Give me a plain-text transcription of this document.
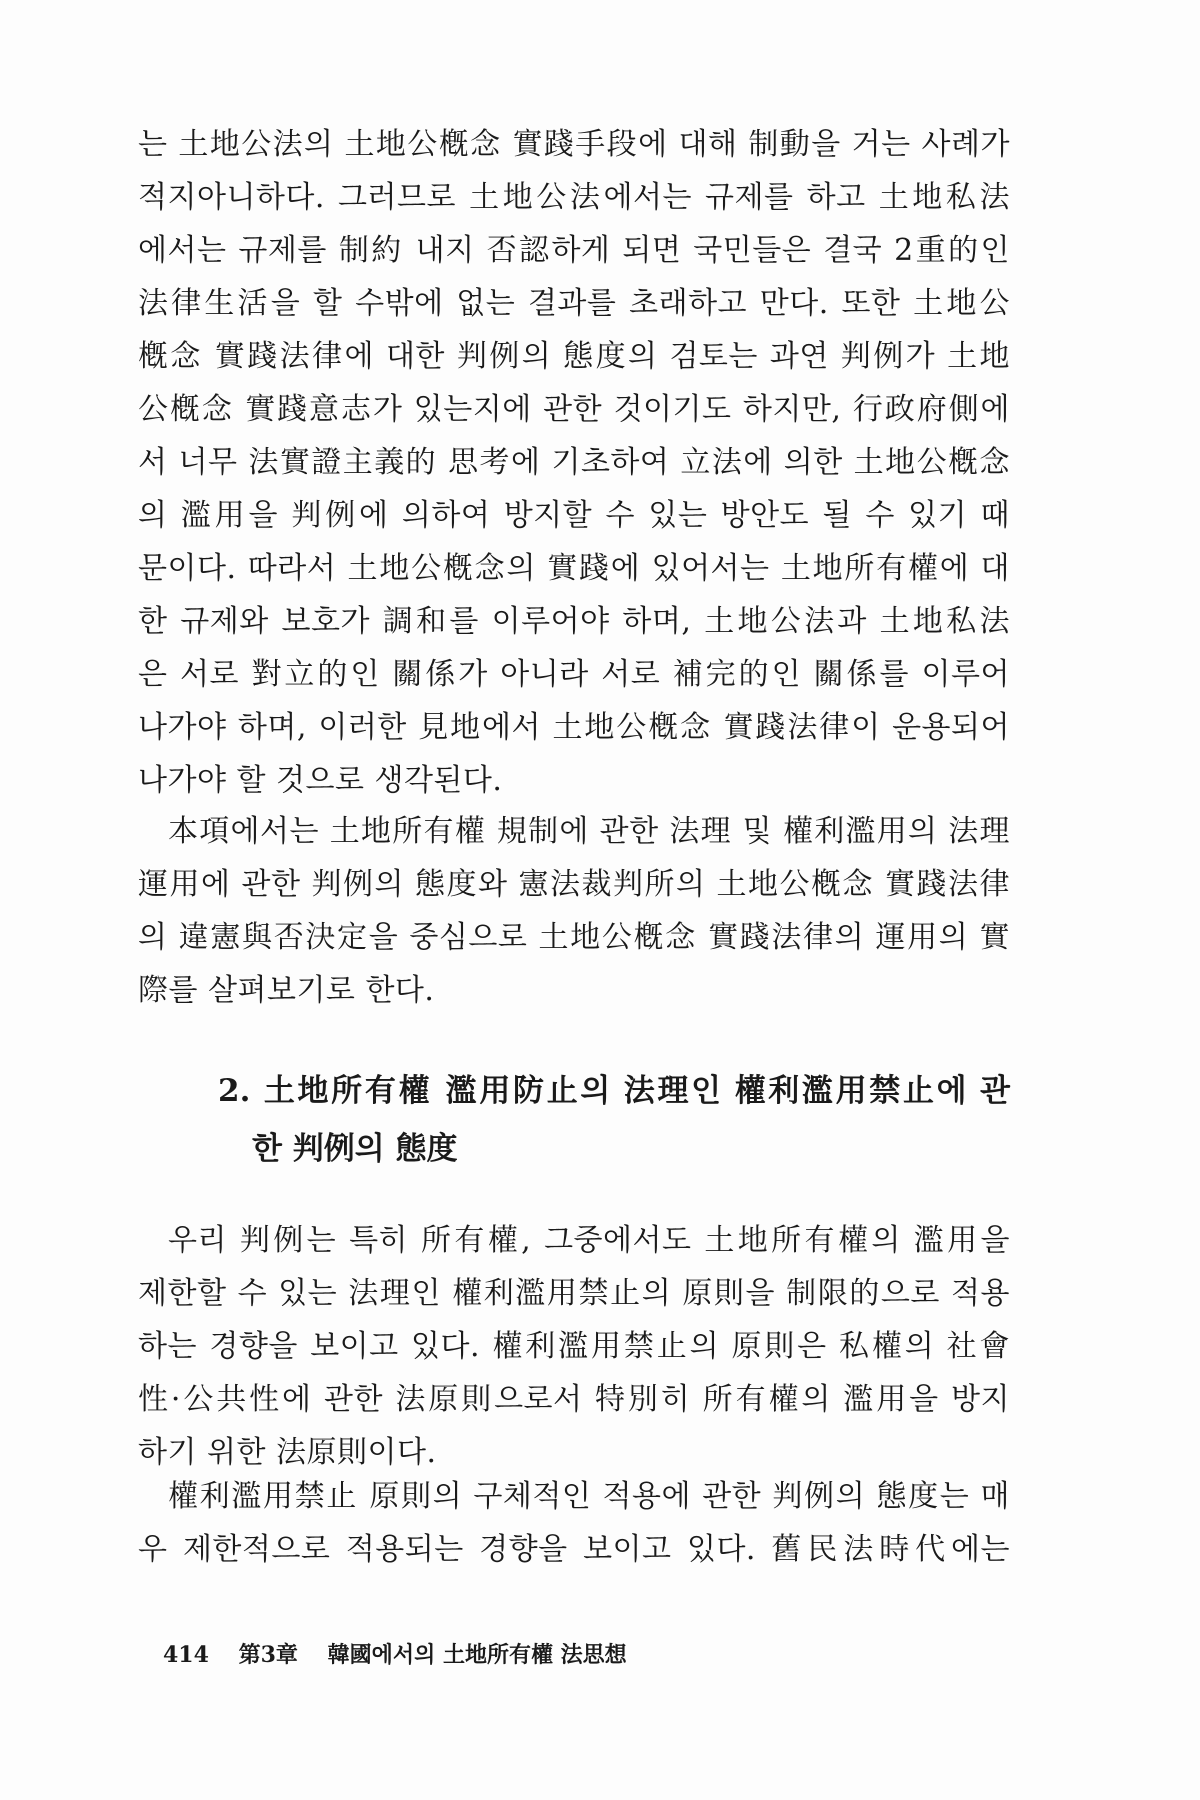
는 土地公法의 土地公槪念 實踐手段에 대해 制動을 거는 사례가
적지아니하다. 그러므로 土地公法에서는 규제를 하고 土地私法
에서는 규제를 制約 내지 否認하게 되면 국민들은 결국 2重的인
法律生活을 할 수밖에 없는 결과를 초래하고 만다. 또한 土地公
槪念 實踐法律에 대한 判例의 態度의 검토는 과연 判例가 土地
公槪念 實踐意志가 있는지에 관한 것이기도 하지만, 行政府側에
서 너무 法實證主義的 思考에 기초하여 立法에 의한 土地公槪念
의 濫用을 判例에 의하여 방지할 수 있는 방안도 될 수 있기 때
문이다. 따라서 土地公槪念의 實踐에 있어서는 土地所有權에 대
한 규제와 보호가 調和를 이루어야 하며, 土地公法과 土地私法
은 서로 對立的인 關係가 아니라 서로 補完的인 關係를 이루어
나가야 하며, 이러한 見地에서 土地公槪念 實踐法律이 운용되어
나가야 할 것으로 생각된다.
本項에서는 土地所有權 規制에 관한 法理 및 權利濫用의 法理
運用에 관한 判例의 態度와 憲法裁判所의 土地公槪念 實踐法律
의 違憲與否決定을 중심으로 土地公槪念 實踐法律의 運用의 實
際를 살펴보기로 한다.
2. 土地所有權 濫用防止의 法理인 權利濫用禁止에 관
한 判例의 態度
우리 判例는 특히 所有權, 그중에서도 土地所有權의 濫用을
제한할 수 있는 法理인 權利濫用禁止의 原則을 制限的으로 적용
하는 경향을 보이고 있다. 權利濫用禁止의 原則은 私權의 社會
性·公共性에 관한 法原則으로서 特別히 所有權의 濫用을 방지
하기 위한 法原則이다.
權利濫用禁止 原則의 구체적인 적용에 관한 判例의 態度는 매
우 제한적으로 적용되는 경향을 보이고 있다. 舊民法時代에는
414 第3章 韓國에서의 土地所有權 法思想
